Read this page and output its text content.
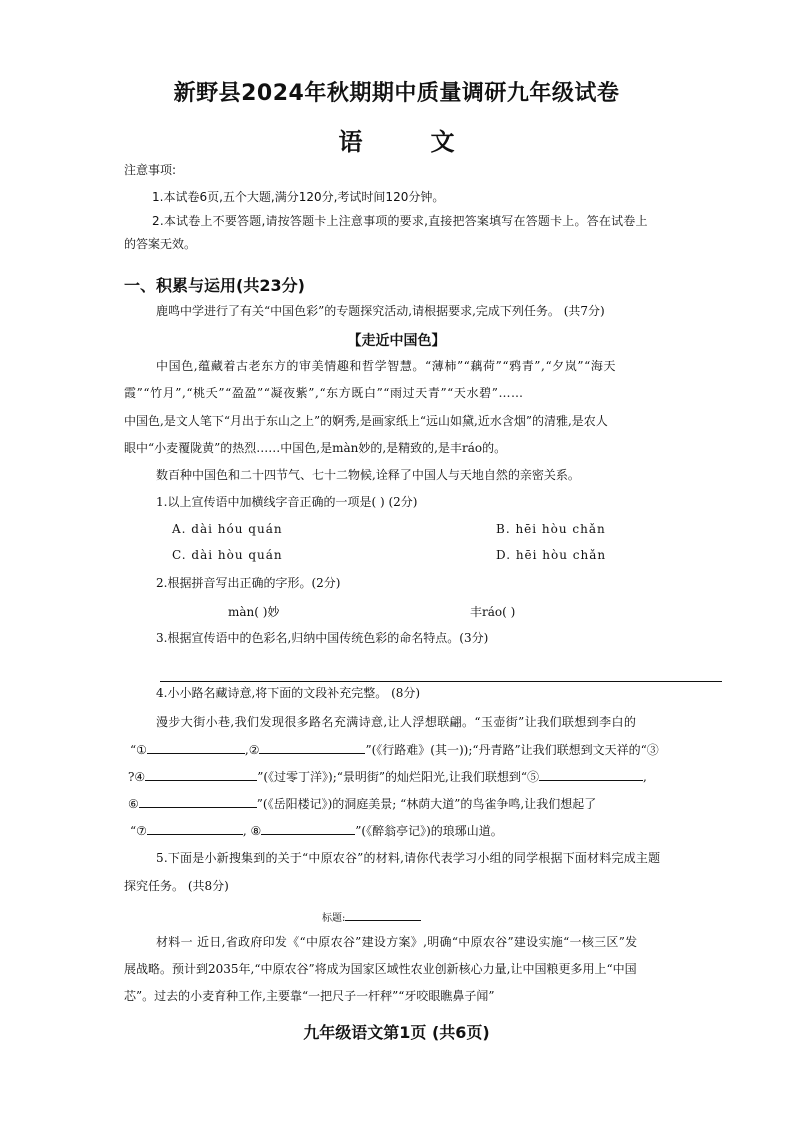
新野县2024年秋期期中质量调研九年级试卷
语	文
注意事项:
1.本试卷6页,五个大题,满分120分,考试时间120分钟。
2.本试卷上不要答题,请按答题卡上注意事项的要求,直接把答案填写在答题卡上。答在试卷上
的答案无效。
一、积累与运用(共23分)
鹿鸣中学进行了有关“中国色彩”的专题探究活动,请根据要求,完成下列任务。 (共7分)
【走近中国色】
中国色,蕴藏着古老东方的审美情趣和哲学智慧。“薄柿”“藕荷”“鸦青”,“夕岚”“海天
霞”“竹月”,“桃夭”“盈盈”“凝夜紫”,“东方既白”“雨过天青”“天水碧”……
中国色,是文人笔下“月出于东山之上”的婀秀,是画家纸上“远山如黛,近水含烟”的清雅,是农人
眼中“小麦覆陇黄”的热烈……中国色,是màn妙的,是精致的,是丰ráo的。
数百种中国色和二十四节气、七十二物候,诠释了中国人与天地自然的亲密关系。
1.以上宣传语中加横线字音正确的一项是( ) (2分)
A. dài hóu quán	B. hēi hòu chǎn
C. dài hòu quán	D. hēi hòu chǎn
2.根据拼音写出正确的字形。(2分)
màn( )妙	丰ráo( )
3.根据宣传语中的色彩名,归纳中国传统色彩的命名特点。(3分)
4.小小路名藏诗意,将下面的文段补充完整。 (8分)
漫步大街小巷,我们发现很多路名充满诗意,让人浮想联翩。“玉壶街”让我们联想到李白的
“①	,②	”(《行路难》(其一));“丹青路”让我们联想到文天祥的“③
?④	”(《过零丁洋》);“景明街”的灿烂阳光,让我们联想到“⑤	,
⑥	”(《岳阳楼记》)的洞庭美景; “林荫大道”的鸟雀争鸣,让我们想起了
“⑦	, ⑧	”(《醉翁亭记》)的琅琊山道。
5.下面是小新搜集到的关于“中原农谷”的材料,请你代表学习小组的同学根据下面材料完成主题
探究任务。 (共8分)
标题:
材料一 近日,省政府印发《“中原农谷”建设方案》,明确“中原农谷”建设实施“一核三区”发
展战略。预计到2035年,“中原农谷”将成为国家区域性农业创新核心力量,让中国粮更多用上“中国
芯”。过去的小麦育种工作,主要靠“一把尺子一杆秤”“牙咬眼瞧鼻子闻”
九年级语文第1页 (共6页)
